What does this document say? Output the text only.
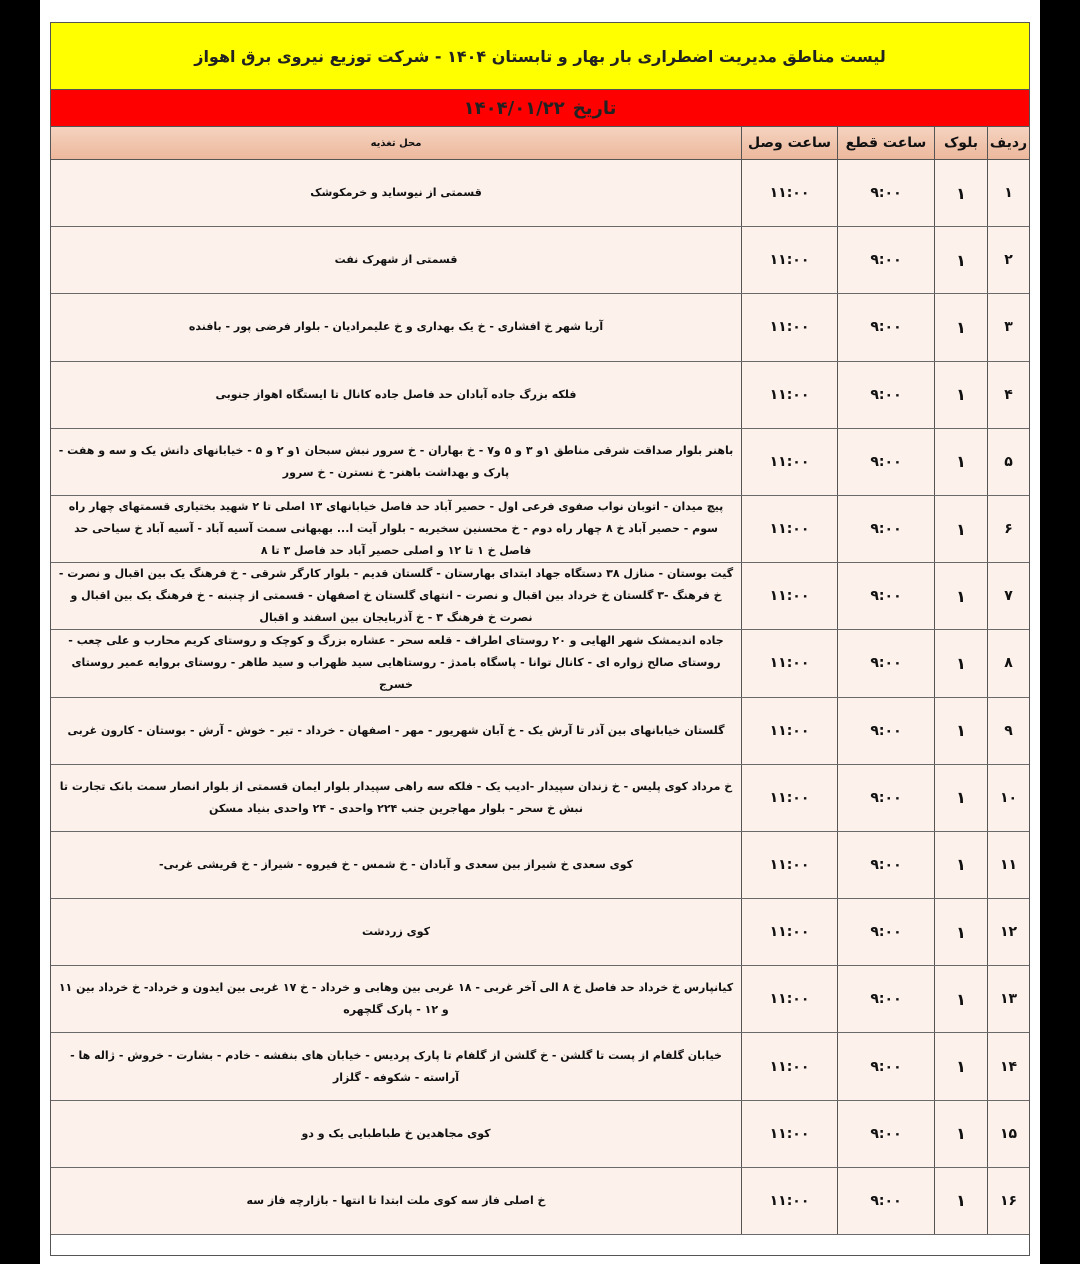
لیست مناطق مدیریت اضطراری بار بهار و تابستان ۱۴۰۴ - شرکت توزیع نیروی برق اهواز
تاریخ
۱۴۰۴/۰۱/۲۲
ردیف
بلوک
ساعت قطع
ساعت وصل
محل تغذیه
۱
۱
۹:۰۰
۱۱:۰۰
قسمتی از نیوساید و خرمکوشک
۲
۱
۹:۰۰
۱۱:۰۰
قسمتی از شهرک نفت
۳
۱
۹:۰۰
۱۱:۰۰
آریا شهر خ افشاری - خ یک بهداری و خ علیمرادیان - بلوار فرضی پور - بافنده
۴
۱
۹:۰۰
۱۱:۰۰
فلکه بزرگ جاده آبادان حد فاصل جاده کانال تا ایستگاه اهواز جنوبی
۵
۱
۹:۰۰
۱۱:۰۰
باهنر بلوار صداقت شرقی مناطق ۱و ۳ و ۵ و۷ - خ بهاران - خ سرور نبش سبحان ۱و ۲ و ۵ - خیابانهای دانش یک و سه و هفت - پارک و بهداشت باهنر- خ نسترن - خ سرور
۶
۱
۹:۰۰
۱۱:۰۰
پیچ میدان - اتوبان نواب صفوی فرعی اول - حصیر آباد حد فاصل خیابانهای ۱۳ اصلی تا ۲ شهید بختیاری قسمتهای چهار راه سوم - حصیر آباد خ ۸ چهار راه دوم - خ محسنین سخیریه - بلوار آیت ا... بهبهانی سمت آسیه آباد - آسیه آباد خ سیاحی حد فاصل خ ۱ تا ۱۲ و اصلی حصیر آباد حد فاصل ۳ تا ۸
۷
۱
۹:۰۰
۱۱:۰۰
گیت بوستان - منازل ۳۸ دستگاه جهاد ابتدای بهارستان - گلستان قدیم - بلوار کارگر شرقی - خ فرهنگ یک بین اقبال و نصرت - خ فرهنگ -۳ گلستان خ خرداد بین اقبال و نصرت - انتهای گلستان خ اصفهان - قسمتی از چنبنه - خ فرهنگ یک بین اقبال و نصرت خ فرهنگ ۳ - خ آذربایجان بین اسفند و اقبال
۸
۱
۹:۰۰
۱۱:۰۰
جاده اندیمشک شهر الهایی و ۲۰ روستای اطراف - قلعه سحر - عشاره بزرگ و کوچک و روستای کریم محارب و علی چعب - روستای صالح زواره ای - کانال توانا - پاسگاه بامدژ - روستاهایی سید ظهراب و سید طاهر - روستای بروایه عمیر روستای خسرج
۹
۱
۹:۰۰
۱۱:۰۰
گلستان خیابانهای بین آذر تا آرش یک - خ آبان شهریور - مهر - اصفهان - خرداد - تیر - خوش - آرش - بوستان - کارون غربی
۱۰
۱
۹:۰۰
۱۱:۰۰
خ مرداد کوی پلیس - خ زندان سپیدار -ادیب یک - فلکه سه راهی سپیدار بلوار ایمان قسمتی از بلوار انصار سمت بانک تجارت تا نبش خ سحر - بلوار مهاجرین جنب ۲۲۴ واحدی - ۲۴ واحدی بنیاد مسکن
۱۱
۱
۹:۰۰
۱۱:۰۰
کوی سعدی خ شیراز بین سعدی و آبادان - خ شمس - خ فیروه - شیراز - خ قریشی غربی-
۱۲
۱
۹:۰۰
۱۱:۰۰
کوی زردشت
۱۳
۱
۹:۰۰
۱۱:۰۰
کیانپارس خ خرداد حد فاصل خ ۸ الی آخر غربی - ۱۸ غربی بین وهابی و خرداد - خ ۱۷ غربی بین ایدون و خرداد- خ خرداد بین ۱۱ و ۱۲ - پارک گلچهره
۱۴
۱
۹:۰۰
۱۱:۰۰
خیابان گلفام از پست تا گلشن - خ گلشن از گلفام تا پارک پردیس - خیابان های بنفشه - خادم - بشارت - خروش - ژاله ها - آراسته - شکوفه - گلزار
۱۵
۱
۹:۰۰
۱۱:۰۰
کوی مجاهدین خ طباطبایی یک و دو
۱۶
۱
۹:۰۰
۱۱:۰۰
خ اصلی فاز سه کوی ملت ابتدا تا انتها - بازارچه فاز سه
